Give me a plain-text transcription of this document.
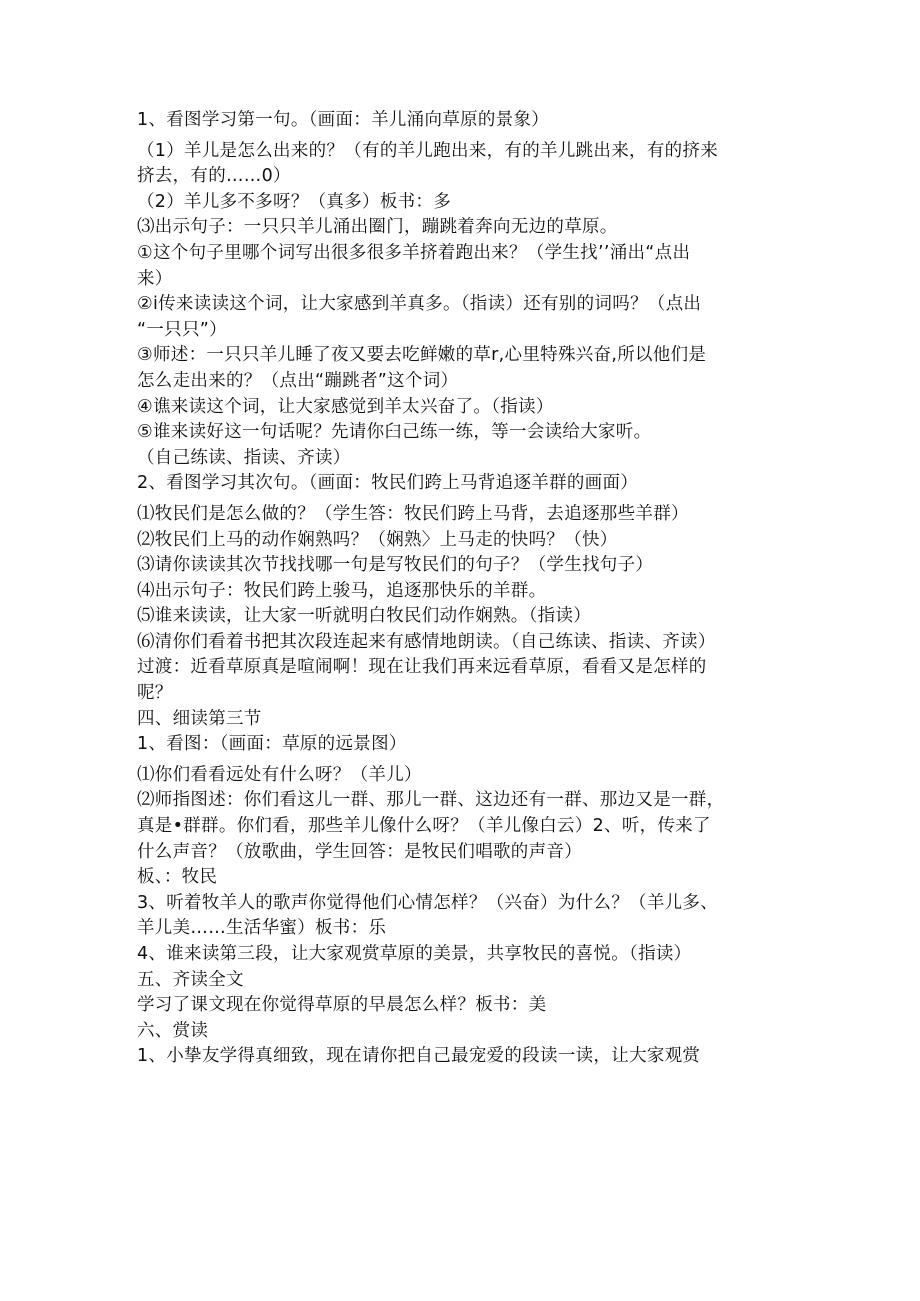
1、看图学习第一句。（画面：羊儿涌向草原的景象）
（1）羊儿是怎么出来的？（有的羊儿跑出来，有的羊儿跳出来，有的挤来
挤去，有的……0）
（2）羊儿多不多呀？（真多）板书：多
⑶出示句子：一只只羊儿涌出圈门，蹦跳着奔向无边的草原。
①这个句子里哪个词写出很多很多羊挤着跑出来？（学生找’’涌出“点出
来）
②i传来读读这个词，让大家感到羊真多。（指读）还有别的词吗？（点出
“一只只”）
③师述：一只只羊儿睡了夜又要去吃鲜嫩的草r,心里特殊兴奋,所以他们是
怎么走出来的？（点出“蹦跳者”这个词）
④谯来读这个词，让大家感觉到羊太兴奋了。（指读）
⑤谁来读好这一句话呢？先请你臼己练一练，等一会读给大家听。
（自己练读、指读、齐读）
2、看图学习其次句。（画面：牧民们跨上马背追逐羊群的画面）
⑴牧民们是怎么做的？（学生答：牧民们跨上马背，去追逐那些羊群）
⑵牧民们上马的动作娴熟吗？（娴熟〉上马走的快吗？（快）
⑶请你读读其次节找找哪一句是写牧民们的句子？（学生找句子）
⑷出示句子：牧民们跨上骏马，追逐那快乐的羊群。
⑸谁来读读，让大家一听就明白牧民们动作娴熟。（指读）
⑹清你们看着书把其次段连起来有感情地朗读。（自己练读、指读、齐读）
过渡：近看草原真是喧闹啊！现在让我们再来远看草原，看看又是怎样的
呢？
四、细读第三节
1、看图：（画面：草原的远景图）
⑴你们看看远处有什么呀？（羊儿）
⑵师指图述：你们看这儿一群、那儿一群、这边还有一群、那边又是一群，
真是•群群。你们看，那些羊儿像什么呀？（羊儿像白云）2、听，传来了
什么声音？（放歌曲，学生回答：是牧民们唱歌的声音）
板、：牧民
3、听着牧羊人的歌声你觉得他们心情怎样？（兴奋）为什么？（羊儿多、
羊儿美……生活华蜜）板书：乐
4、谁来读第三段，让大家观赏草原的美景，共享牧民的喜悦。（指读）
五、齐读全文
学习了课文现在你觉得草原的早晨怎么样？板书：美
六、赏读
1、小挚友学得真细致，现在请你把自己最宠爱的段读一读，让大家观赏
